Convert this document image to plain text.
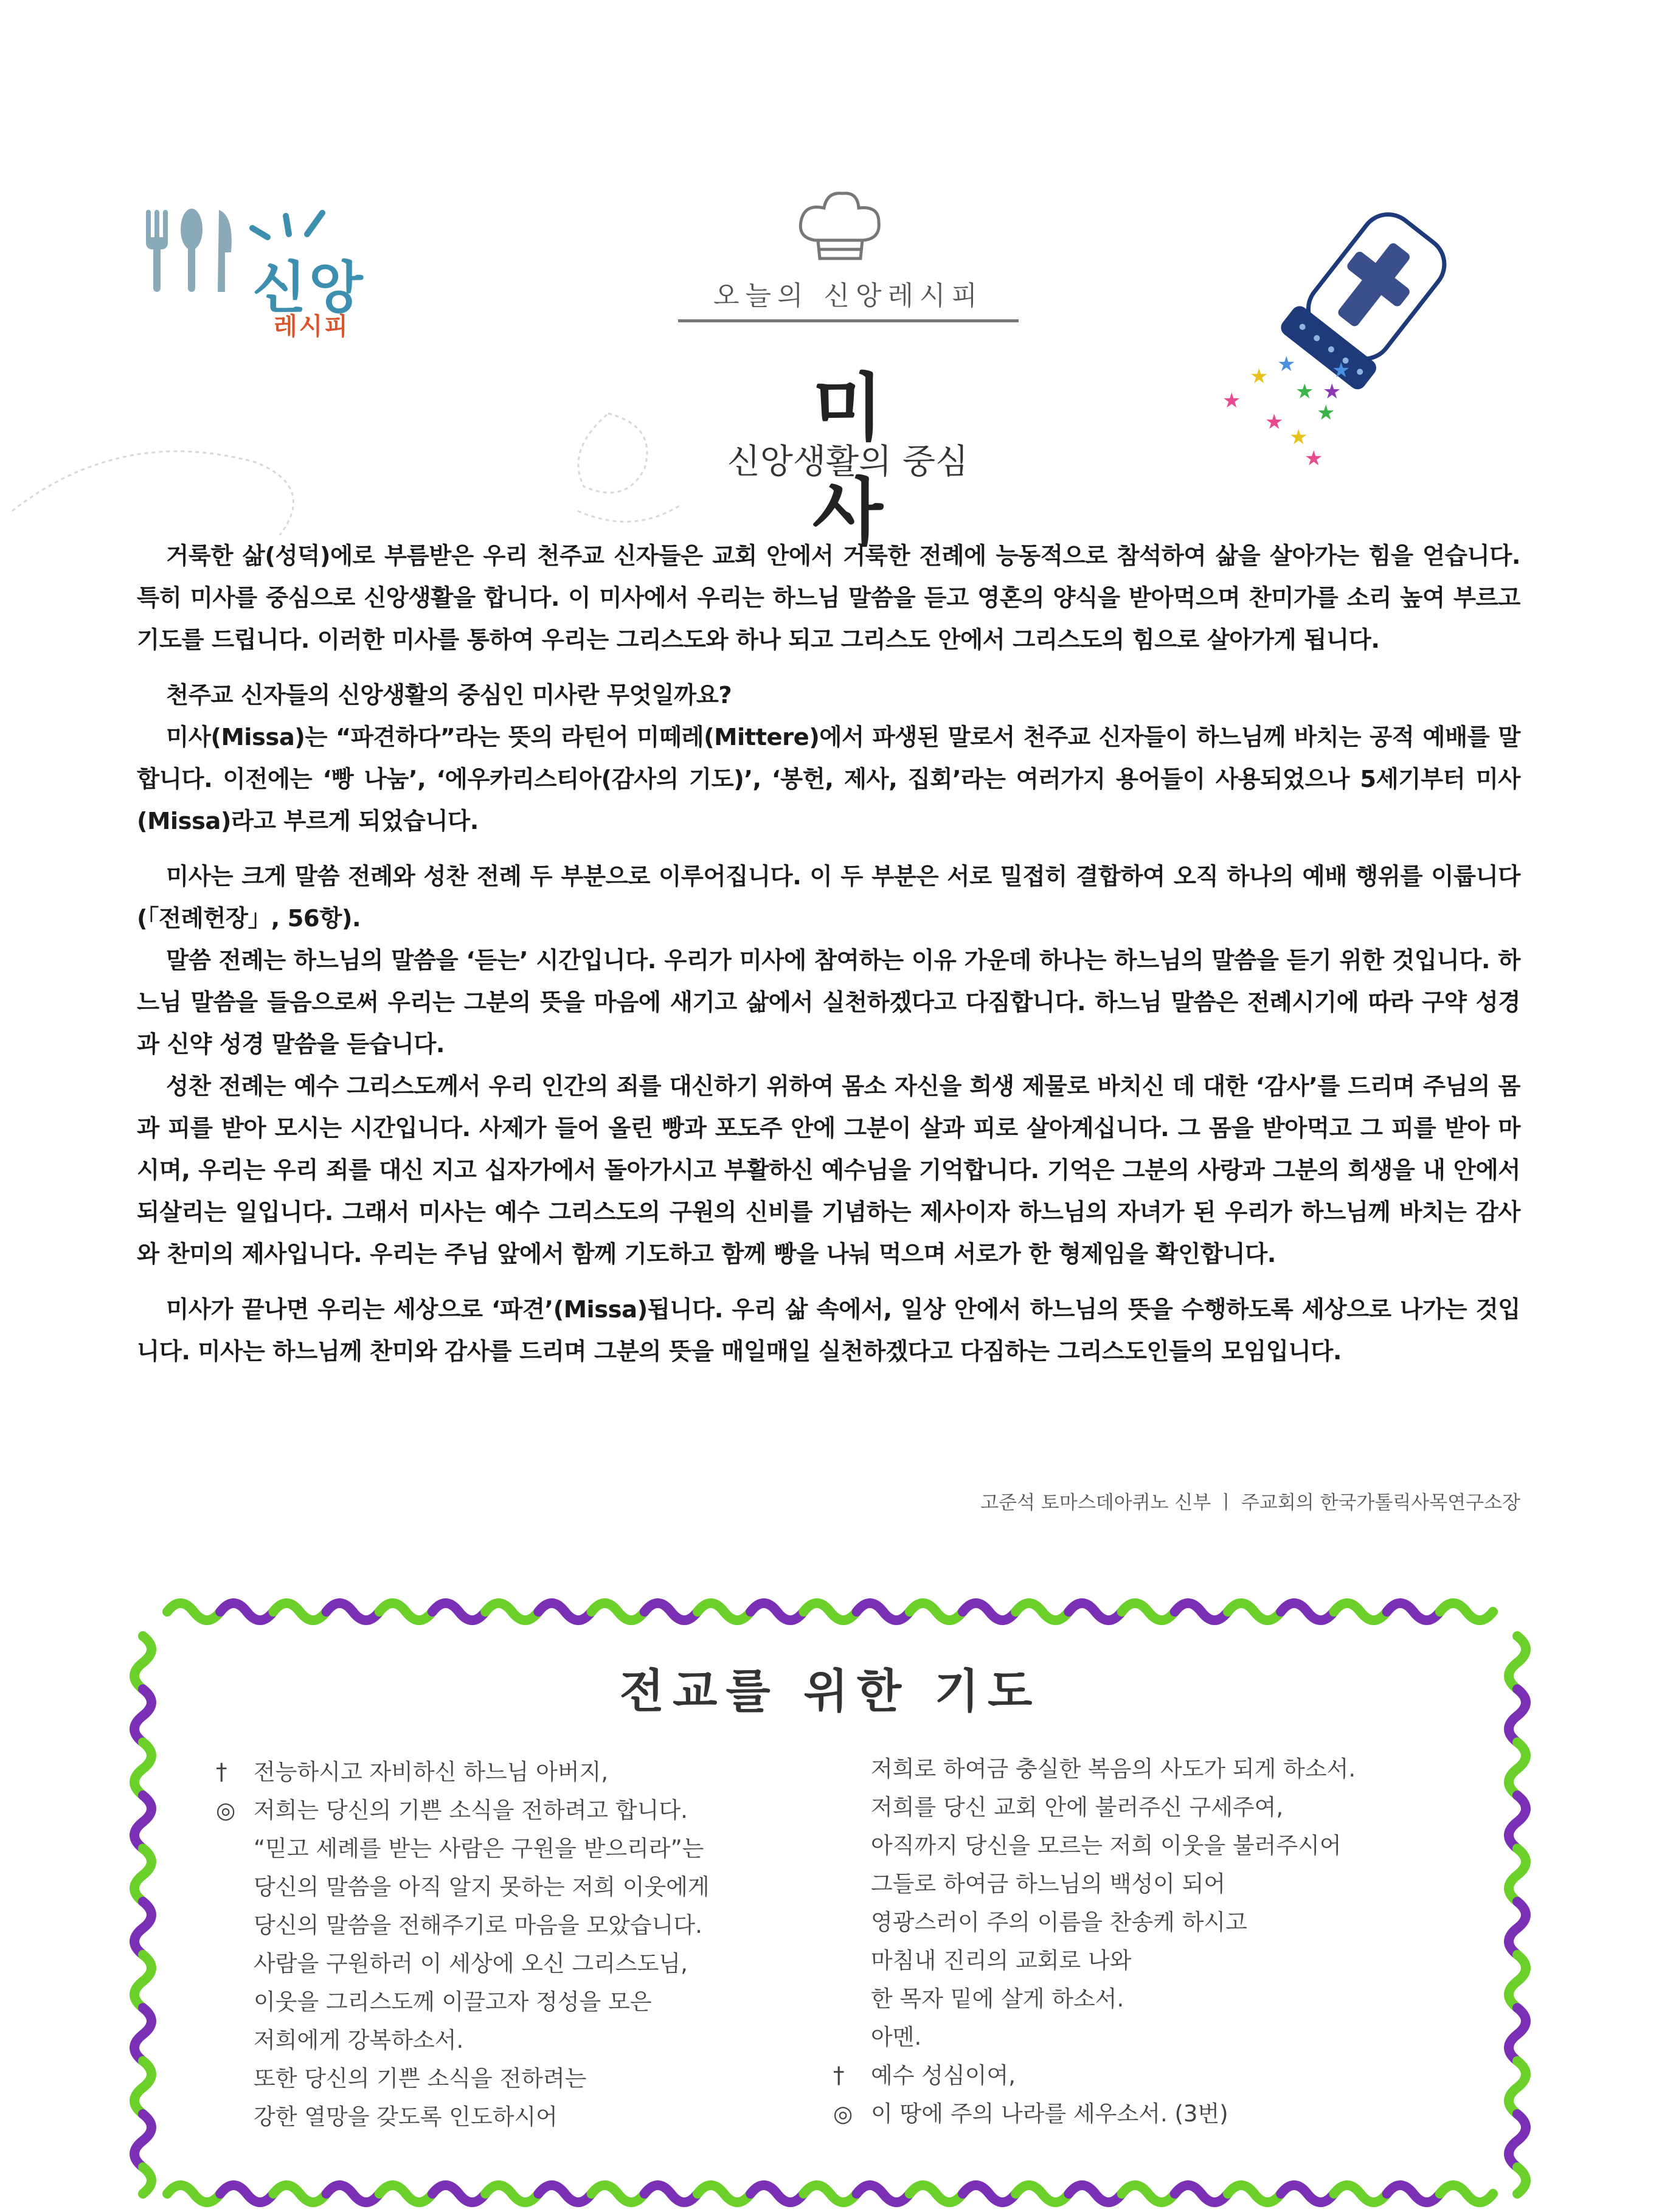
신앙
레시피
오늘의 신앙레시피
미 사
신앙생활의 중심
★
★ ★
★
★
★
★
★
★
★

거룩한 삶(성덕)에로 부름받은 우리 천주교 신자들은 교회 안에서 거룩한 전례에 능동적으로 참석하여 삶을 살아가는 힘을 얻습니다. 특히 미사를 중심으로 신앙생활을 합니다. 이 미사에서 우리는 하느님 말씀을 듣고 영혼의 양식을 받아먹으며 찬미가를 소리 높여 부르고 기도를 드립니다. 이러한 미사를 통하여 우리는 그리스도와 하나 되고 그리스도 안에서 그리스도의 힘으로 살아가게 됩니다.

천주교 신자들의 신앙생활의 중심인 미사란 무엇일까요?

미사(Missa)는 “파견하다”라는 뜻의 라틴어 미떼레(Mittere)에서 파생된 말로서 천주교 신자들이 하느님께 바치는 공적 예배를 말합니다. 이전에는 ‘빵 나눔’, ‘에우카리스티아(감사의 기도)’, ‘봉헌, 제사, 집회’라는 여러가지 용어들이 사용되었으나 5세기부터 미사(Missa)라고 부르게 되었습니다.

미사는 크게 말씀 전례와 성찬 전례 두 부분으로 이루어집니다. 이 두 부분은 서로 밀접히 결합하여 오직 하나의 예배 행위를 이룹니다(「전례헌장」, 56항).

말씀 전례는 하느님의 말씀을 ‘듣는’ 시간입니다. 우리가 미사에 참여하는 이유 가운데 하나는 하느님의 말씀을 듣기 위한 것입니다. 하느님 말씀을 들음으로써 우리는 그분의 뜻을 마음에 새기고 삶에서 실천하겠다고 다짐합니다. 하느님 말씀은 전례시기에 따라 구약 성경과 신약 성경 말씀을 듣습니다.

성찬 전례는 예수 그리스도께서 우리 인간의 죄를 대신하기 위하여 몸소 자신을 희생 제물로 바치신 데 대한 ‘감사’를 드리며 주님의 몸과 피를 받아 모시는 시간입니다. 사제가 들어 올린 빵과 포도주 안에 그분이 살과 피로 살아계십니다. 그 몸을 받아먹고 그 피를 받아 마시며, 우리는 우리 죄를 대신 지고 십자가에서 돌아가시고 부활하신 예수님을 기억합니다. 기억은 그분의 사랑과 그분의 희생을 내 안에서 되살리는 일입니다. 그래서 미사는 예수 그리스도의 구원의 신비를 기념하는 제사이자 하느님의 자녀가 된 우리가 하느님께 바치는 감사와 찬미의 제사입니다. 우리는 주님 앞에서 함께 기도하고 함께 빵을 나눠 먹으며 서로가 한 형제임을 확인합니다.

미사가 끝나면 우리는 세상으로 ‘파견’(Missa)됩니다. 우리 삶 속에서, 일상 안에서 하느님의 뜻을 수행하도록 세상으로 나가는 것입니다. 미사는 하느님께 찬미와 감사를 드리며 그분의 뜻을 매일매일 실천하겠다고 다짐하는 그리스도인들의 모임입니다.

고준석 토마스데아퀴노 신부 ㅣ 주교회의 한국가톨릭사목연구소장
전교를 위한 기도
† 전능하시고 자비하신 하느님 아버지,
◎ 저희는 당신의 기쁜 소식을 전하려고 합니다.
“믿고 세례를 받는 사람은 구원을 받으리라”는
당신의 말씀을 아직 알지 못하는 저희 이웃에게
당신의 말씀을 전해주기로 마음을 모았습니다.
사람을 구원하러 이 세상에 오신 그리스도님,
이웃을 그리스도께 이끌고자 정성을 모은
저희에게 강복하소서.
또한 당신의 기쁜 소식을 전하려는
강한 열망을 갖도록 인도하시어
저희로 하여금 충실한 복음의 사도가 되게 하소서.
저희를 당신 교회 안에 불러주신 구세주여,
아직까지 당신을 모르는 저희 이웃을 불러주시어
그들로 하여금 하느님의 백성이 되어
영광스러이 주의 이름을 찬송케 하시고
마침내 진리의 교회로 나와
한 목자 밑에 살게 하소서.
아멘.
† 예수 성심이여,
◎ 이 땅에 주의 나라를 세우소서. (3번)
